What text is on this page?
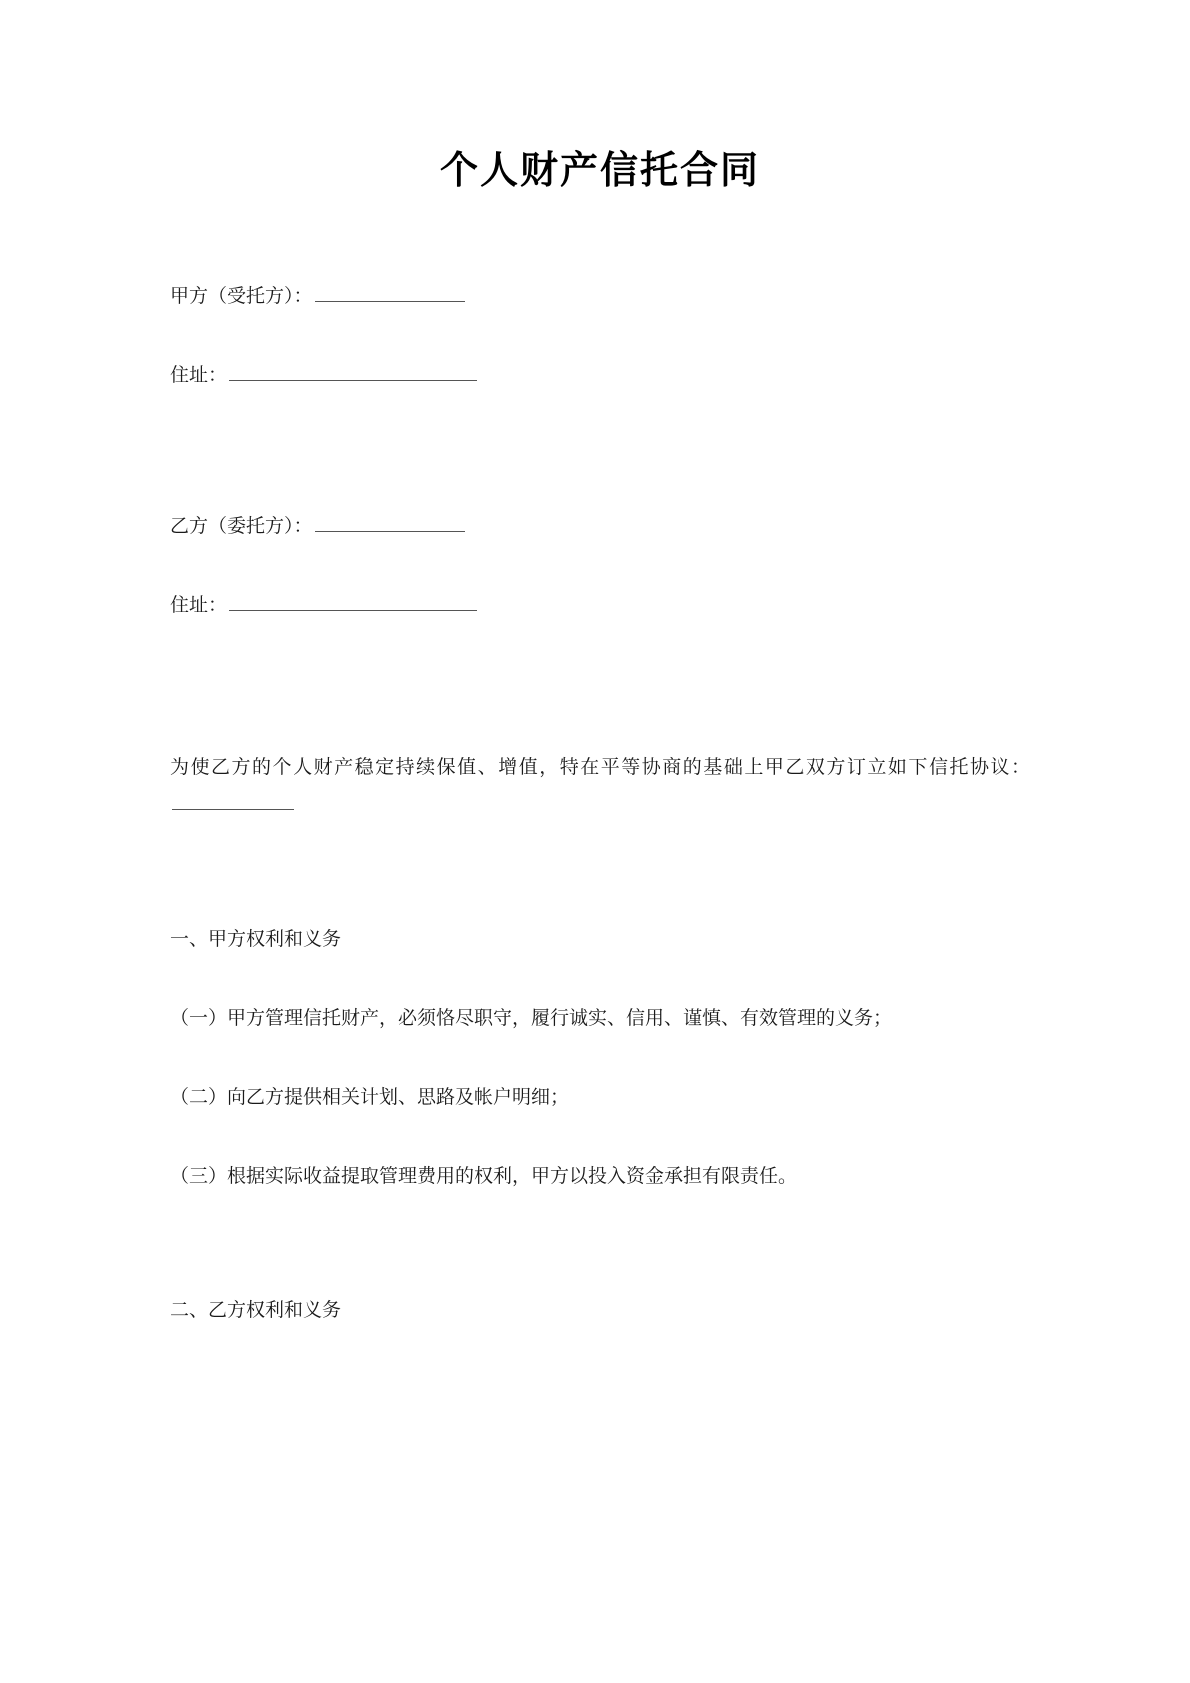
个人财产信托合同
甲方（受托方）：
住址：
乙方（委托方）：
住址：

为使乙方的个人财产稳定持续保值、增值，特在平等协商的基础上甲乙双方订立如下信托协议：

一、甲方权利和义务

（一）甲方管理信托财产，必须恪尽职守，履行诚实、信用、谨慎、有效管理的义务；

（二）向乙方提供相关计划、思路及帐户明细；

（三）根据实际收益提取管理费用的权利，甲方以投入资金承担有限责任。

二、乙方权利和义务
